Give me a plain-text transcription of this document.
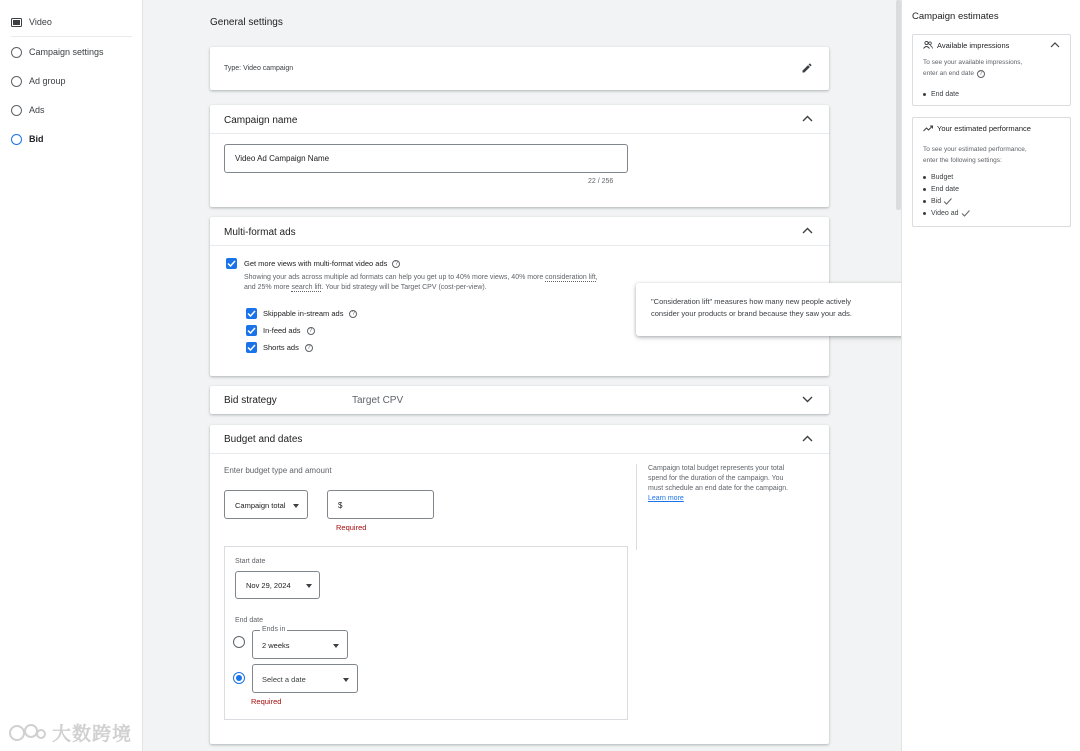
Video
Campaign settings
Ad group
Ads
Bid
General settings
Type: Video campaign
Campaign name
Video Ad Campaign Name
22 / 256
Multi-format ads
Get more views with multi-format video ads	?
Showing your ads across multiple ad formats can help you get up to 40% more views, 40% more consideration lift,
and 25% more search lift. Your bid strategy will be Target CPV (cost-per-view).
Skippable in-stream ads	?
In-feed ads	?
Shorts ads	?
Bid strategy	Target CPV
Budget and dates
Enter budget type and amount
Campaign total	$
Required
Campaign total budget represents your total
spend for the duration of the campaign. You
must schedule an end date for the campaign.
Learn more
Start date
Nov 29, 2024
End date
Ends in
2 weeks
Select a date
Required
"Consideration lift" measures how many new people actively
consider your products or brand because they saw your ads.
Campaign estimates
Available impressions
To see your available impressions,
enter an end date ?
End date
Your estimated performance
To see your estimated performance,
enter the following settings:
Budget
End date
Bid
Video ad
大数跨境
